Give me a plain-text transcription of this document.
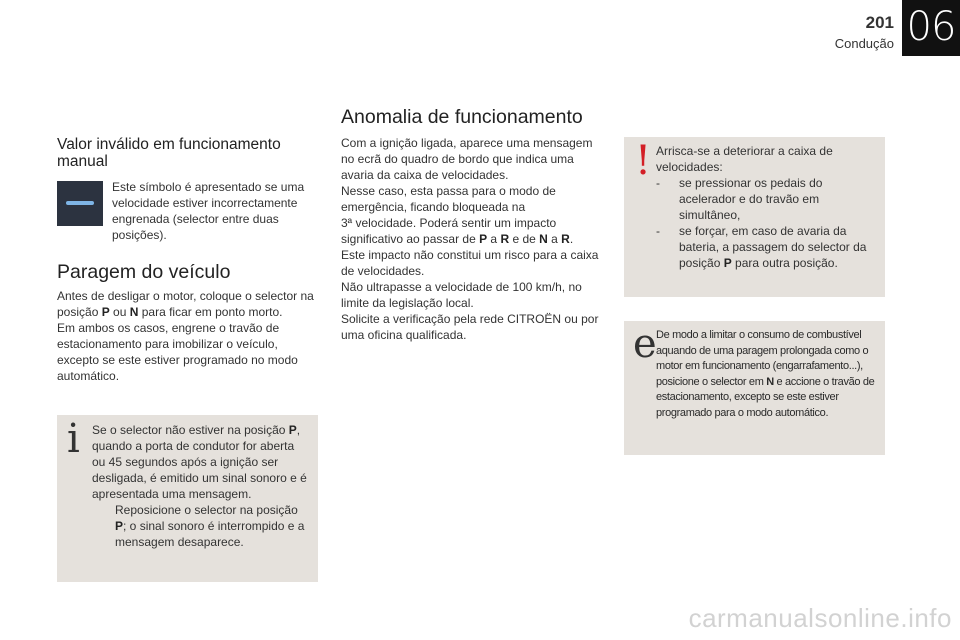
201
Condução 06
Valor inválido em funcionamento manual
Este símbolo é apresentado se uma velocidade estiver incorrectamente engrenada (selector entre duas posições).
Paragem do veículo
Antes de desligar o motor, coloque o selector na posição P ou N para ficar em ponto morto.
Em ambos os casos, engrene o travão de estacionamento para imobilizar o veículo, excepto se este estiver programado no modo automático.
i Se o selector não estiver na posição P, quando a porta de condutor for aberta ou 45 segundos após a ignição ser desligada, é emitido um sinal sonoro e é apresentada uma mensagem.
Reposicione o selector na posição P; o sinal sonoro é interrompido e a mensagem desaparece.
Anomalia de funcionamento
Com a ignição ligada, aparece uma mensagem no ecrã do quadro de bordo que indica uma avaria da caixa de velocidades.
Nesse caso, esta passa para o modo de emergência, ficando bloqueada na
3ª velocidade. Poderá sentir um impacto significativo ao passar de P a R e de N a R.
Este impacto não constitui um risco para a caixa de velocidades.
Não ultrapasse a velocidade de 100 km/h, no limite da legislação local.
Solicite a verificação pela rede CITROËN ou por uma oficina qualificada.
! Arrisca-se a deteriorar a caixa de velocidades:
- se pressionar os pedais do acelerador e do travão em simultâneo,
- se forçar, em caso de avaria da bateria, a passagem do selector da posição P para outra posição.
e De modo a limitar o consumo de combustível aquando de uma paragem prolongada como o motor em funcionamento (engarrafamento...), posicione o selector em N e accione o travão de estacionamento, excepto se este estiver programado para o modo automático.
carmanualsonline.info
